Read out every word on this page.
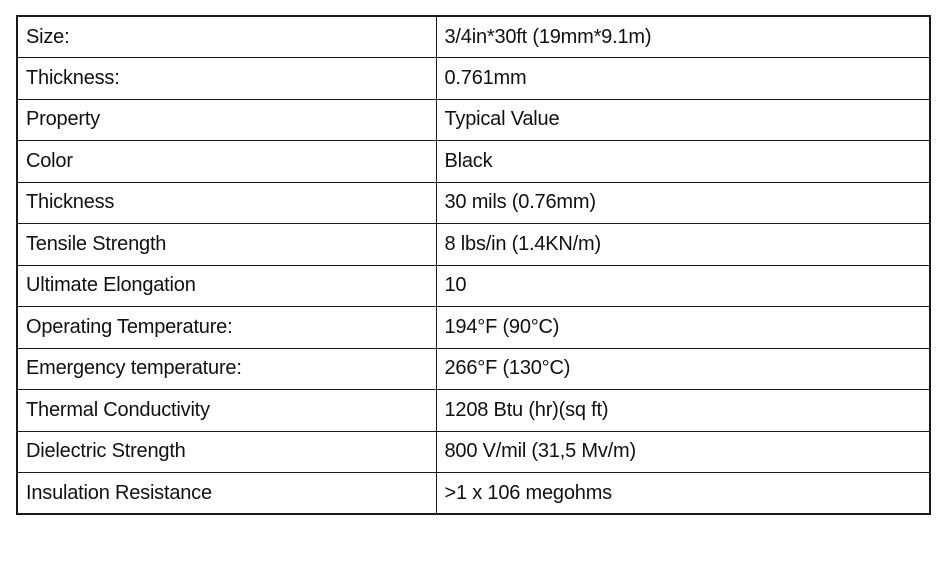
Size:	3/4in*30ft (19mm*9.1m)
Thickness:	0.761mm
Property	Typical Value
Color	Black
Thickness	30 mils (0.76mm)
Tensile Strength	8 lbs/in (1.4KN/m)
Ultimate Elongation	10
Operating Temperature:	194°F (90°C)
Emergency temperature:	266°F (130°C)
Thermal Conductivity	1208 Btu (hr)(sq ft)
Dielectric Strength	800 V/mil (31,5 Mv/m)
Insulation Resistance	>1 x 106 megohms
